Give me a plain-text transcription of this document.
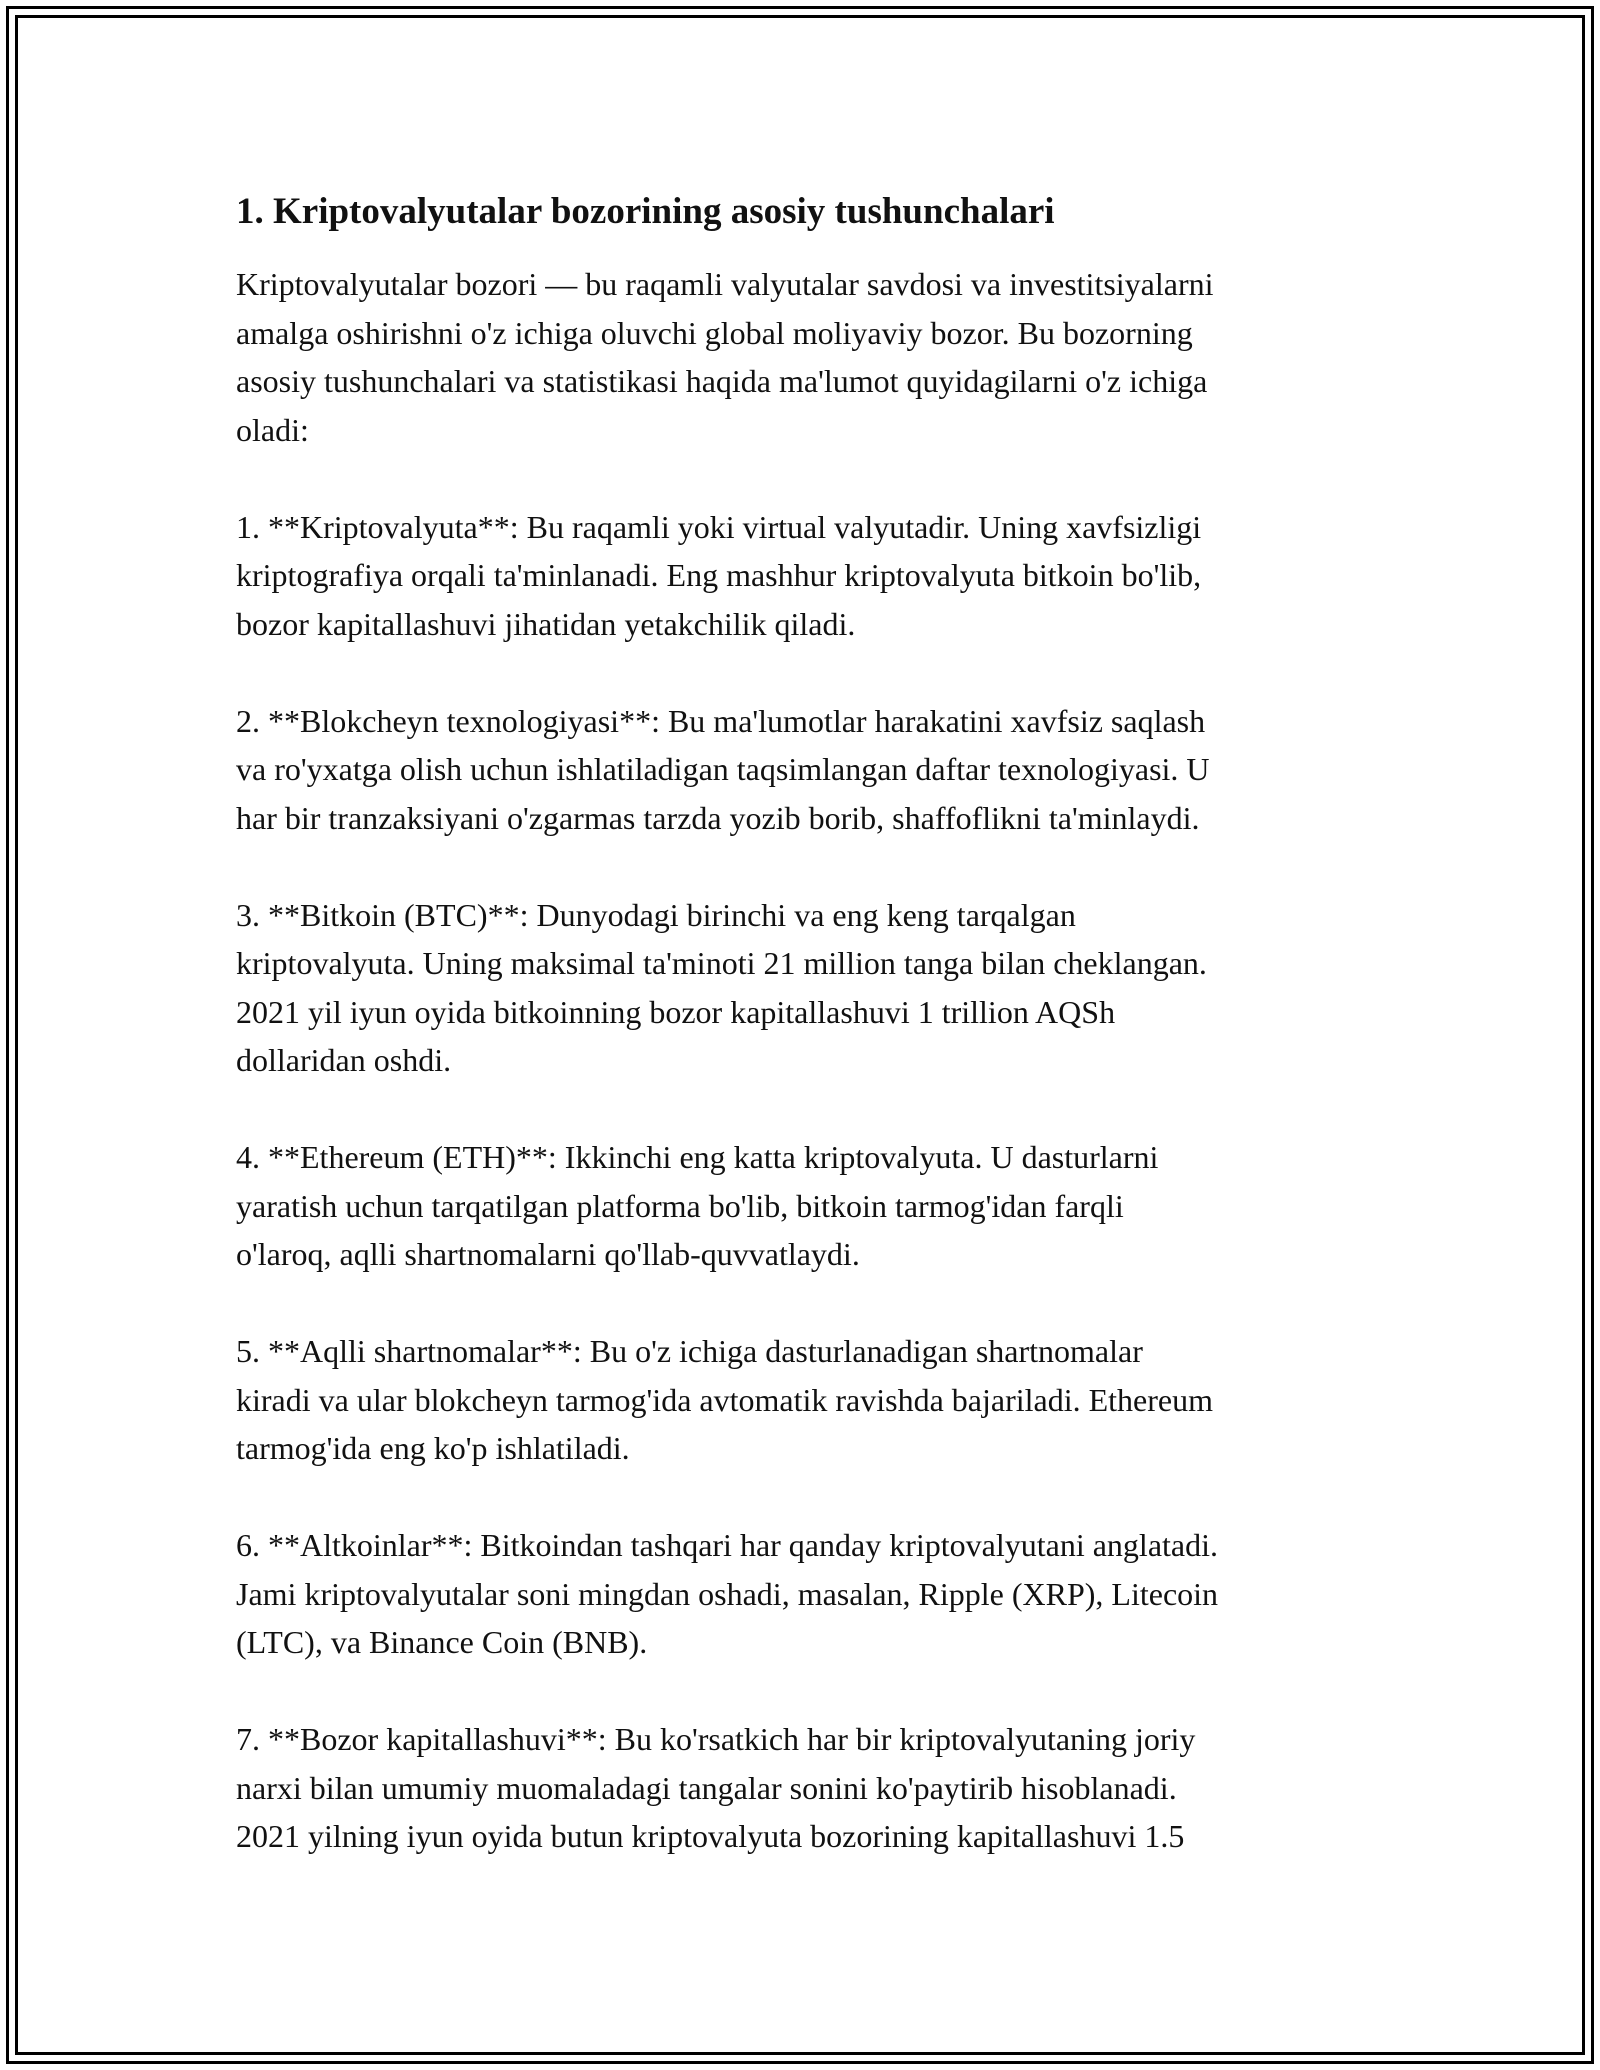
1. Kriptovalyutalar bozorining asosiy tushunchalari
Kriptovalyutalar bozori — bu raqamli valyutalar savdosi va investitsiyalarni
amalga oshirishni o'z ichiga oluvchi global moliyaviy bozor. Bu bozorning
asosiy tushunchalari va statistikasi haqida ma'lumot quyidagilarni o'z ichiga
oladi:
1. **Kriptovalyuta**: Bu raqamli yoki virtual valyutadir. Uning xavfsizligi
kriptografiya orqali ta'minlanadi. Eng mashhur kriptovalyuta bitkoin bo'lib,
bozor kapitallashuvi jihatidan yetakchilik qiladi.
2. **Blokcheyn texnologiyasi**: Bu ma'lumotlar harakatini xavfsiz saqlash
va ro'yxatga olish uchun ishlatiladigan taqsimlangan daftar texnologiyasi. U
har bir tranzaksiyani o'zgarmas tarzda yozib borib, shaffoflikni ta'minlaydi.
3. **Bitkoin (BTC)**: Dunyodagi birinchi va eng keng tarqalgan
kriptovalyuta. Uning maksimal ta'minoti 21 million tanga bilan cheklangan.
2021 yil iyun oyida bitkoinning bozor kapitallashuvi 1 trillion AQSh
dollaridan oshdi.
4. **Ethereum (ETH)**: Ikkinchi eng katta kriptovalyuta. U dasturlarni
yaratish uchun tarqatilgan platforma bo'lib, bitkoin tarmog'idan farqli
o'laroq, aqlli shartnomalarni qo'llab-quvvatlaydi.
5. **Aqlli shartnomalar**: Bu o'z ichiga dasturlanadigan shartnomalar
kiradi va ular blokcheyn tarmog'ida avtomatik ravishda bajariladi. Ethereum
tarmog'ida eng ko'p ishlatiladi.
6. **Altkoinlar**: Bitkoindan tashqari har qanday kriptovalyutani anglatadi.
Jami kriptovalyutalar soni mingdan oshadi, masalan, Ripple (XRP), Litecoin
(LTC), va Binance Coin (BNB).
7. **Bozor kapitallashuvi**: Bu ko'rsatkich har bir kriptovalyutaning joriy
narxi bilan umumiy muomaladagi tangalar sonini ko'paytirib hisoblanadi.
2021 yilning iyun oyida butun kriptovalyuta bozorining kapitallashuvi 1.5
